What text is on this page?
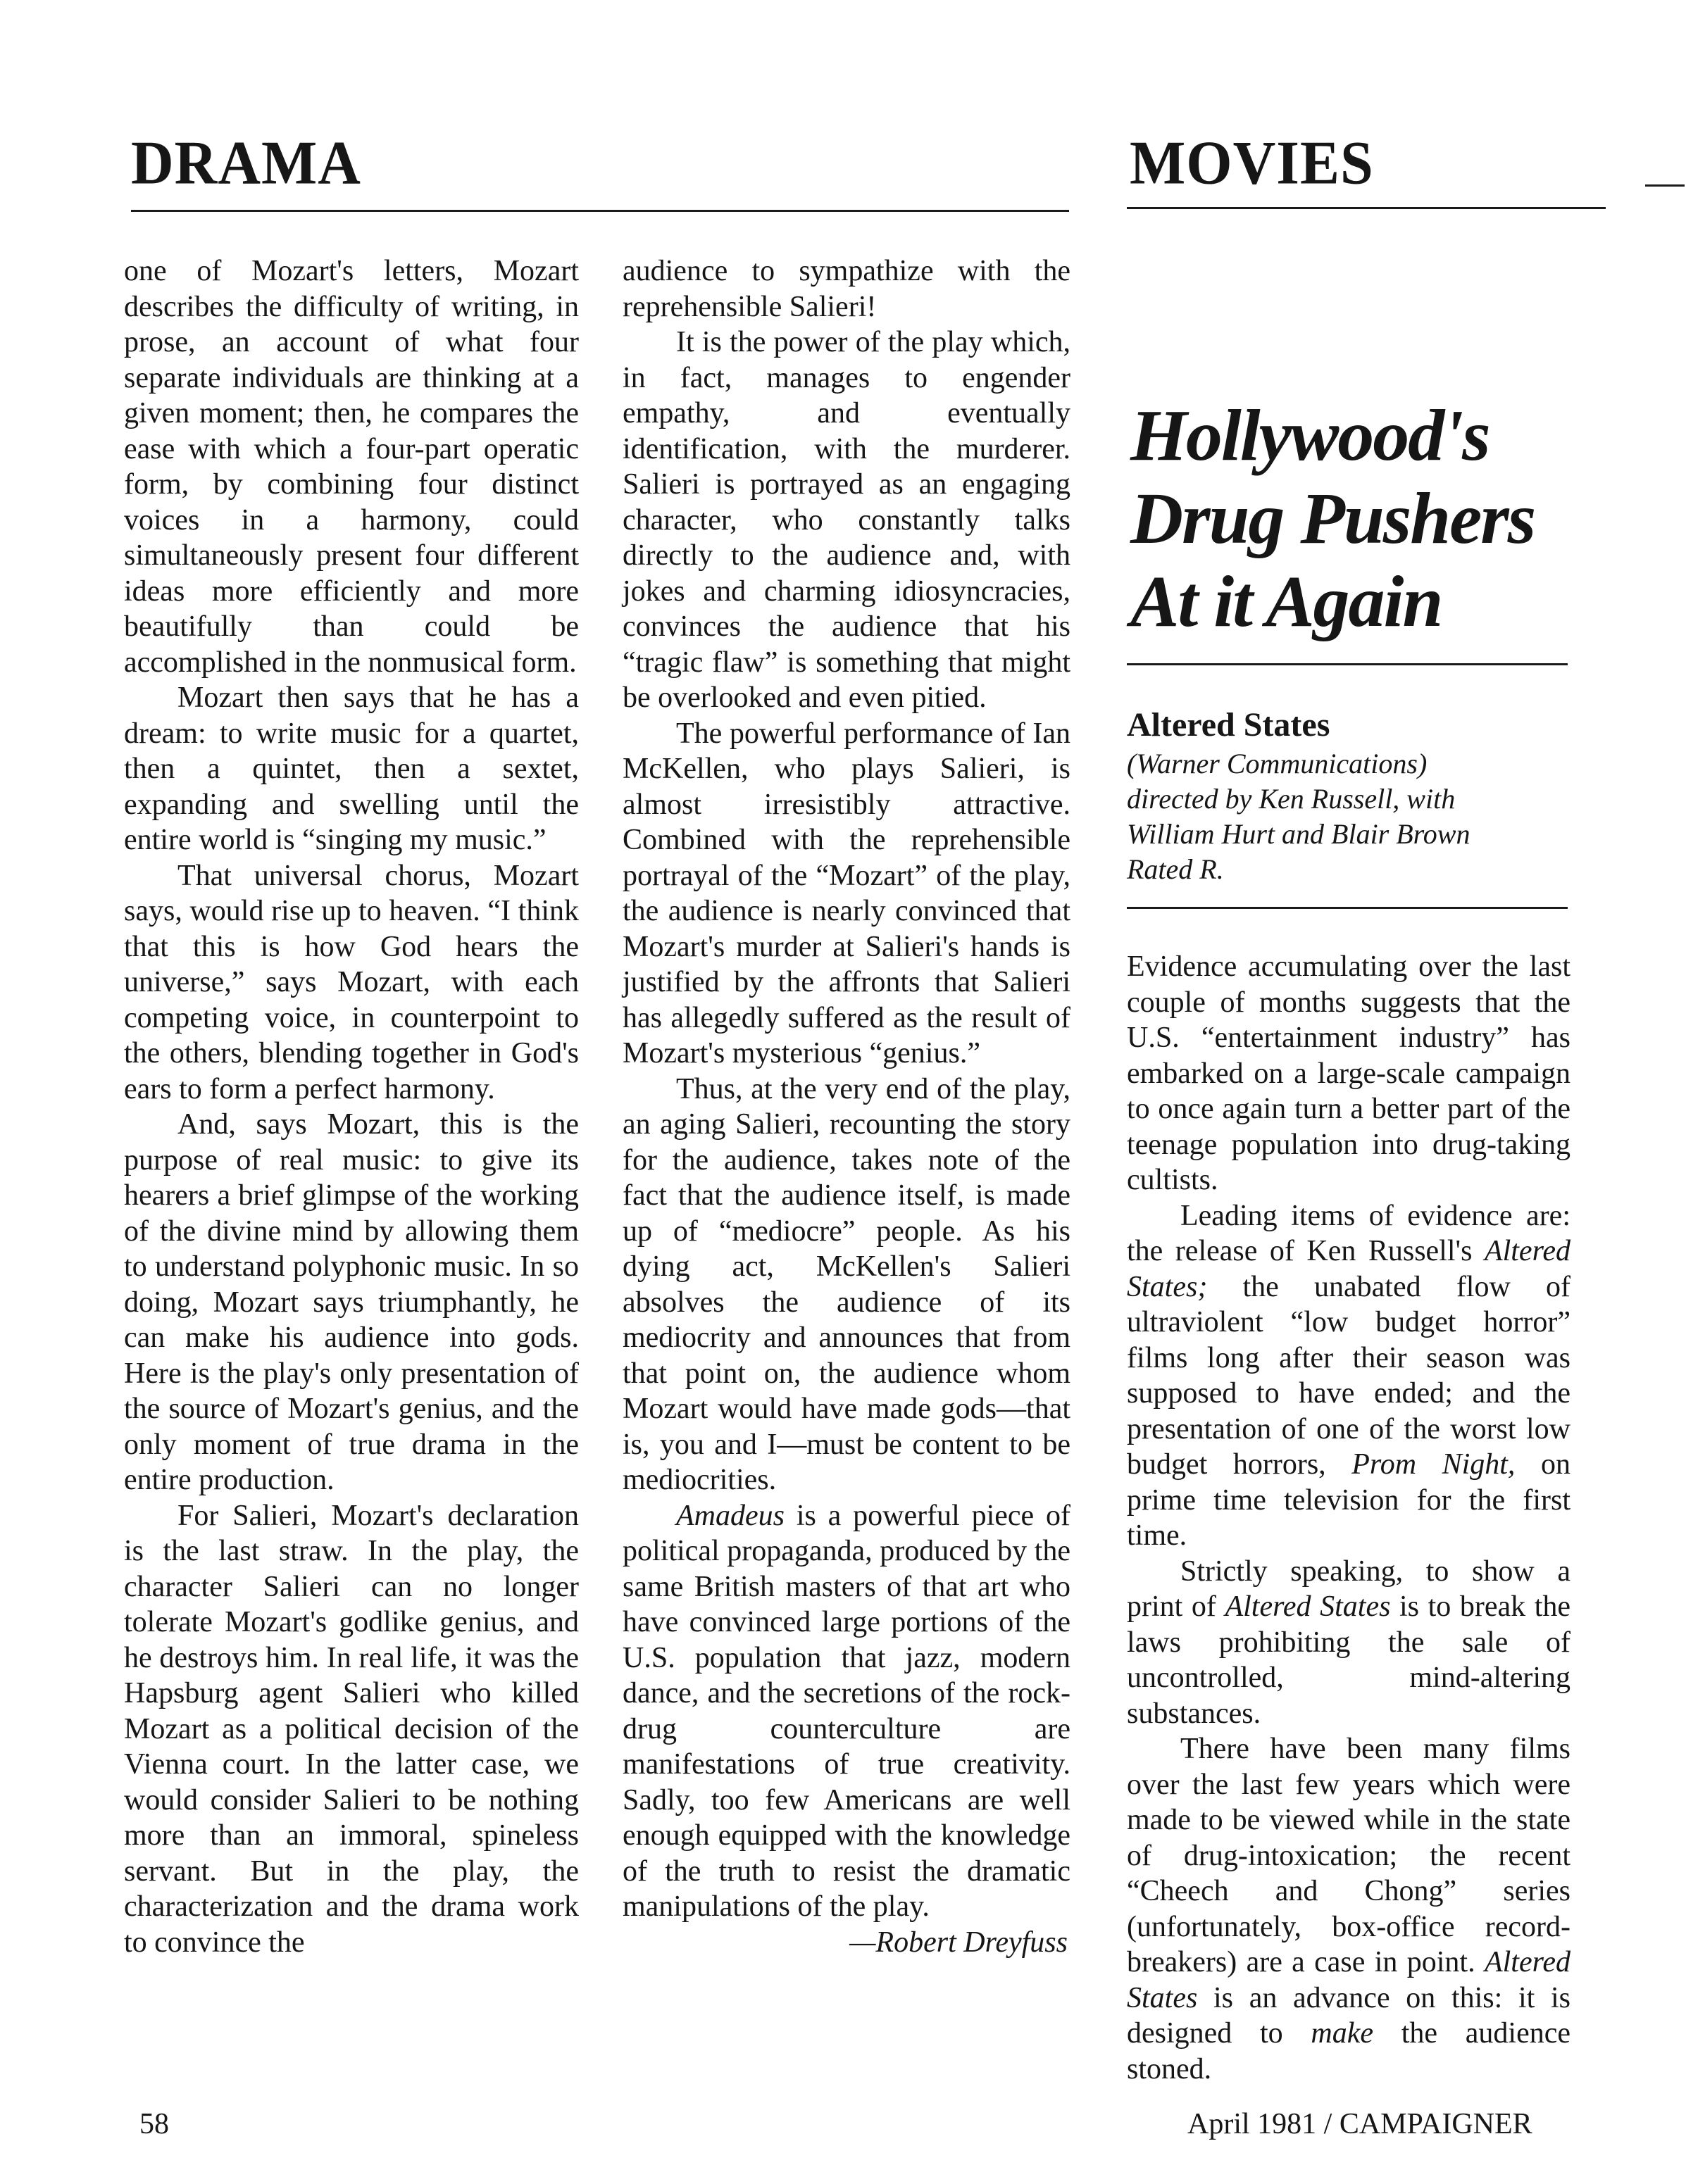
DRAMA	MOVIES

one of Mozart's letters, Mozart describes the difficulty of writing, in prose, an account of what four separate individuals are thinking at a given moment; then, he compares the ease with which a four-part operatic form, by combining four distinct voices in a harmony, could simultaneously present four different ideas more efficiently and more beautifully than could be accomplished in the nonmusical form.

Mozart then says that he has a dream: to write music for a quartet, then a quintet, then a sextet, expanding and swelling until the entire world is “singing my music.”

That universal chorus, Mozart says, would rise up to heaven. “I think that this is how God hears the universe,” says Mozart, with each competing voice, in counterpoint to the others, blending together in God's ears to form a perfect harmony.

And, says Mozart, this is the purpose of real music: to give its hearers a brief glimpse of the working of the divine mind by allowing them to understand polyphonic music. In so doing, Mozart says triumphantly, he can make his audience into gods. Here is the play's only presentation of the source of Mozart's genius, and the only moment of true drama in the entire production.

For Salieri, Mozart's declaration is the last straw. In the play, the character Salieri can no longer tolerate Mozart's godlike genius, and he destroys him. In real life, it was the Hapsburg agent Salieri who killed Mozart as a political decision of the Vienna court. In the latter case, we would consider Salieri to be nothing more than an immoral, spineless servant. But in the play, the characterization and the drama work to convince the

audience to sympathize with the reprehensible Salieri!

It is the power of the play which, in fact, manages to engender empathy, and eventually identification, with the murderer. Salieri is portrayed as an engaging character, who constantly talks directly to the audience and, with jokes and charming idiosyncracies, convinces the audience that his “tragic flaw” is something that might be overlooked and even pitied.

The powerful performance of Ian McKellen, who plays Salieri, is almost irresistibly attractive. Combined with the reprehensible portrayal of the “Mozart” of the play, the audience is nearly convinced that Mozart's murder at Salieri's hands is justified by the affronts that Salieri has allegedly suffered as the result of Mozart's mysterious “genius.”

Thus, at the very end of the play, an aging Salieri, recounting the story for the audience, takes note of the fact that the audience itself, is made up of “mediocre” people. As his dying act, McKellen's Salieri absolves the audience of its mediocrity and announces that from that point on, the audience whom Mozart would have made gods—that is, you and I—must be content to be mediocrities.

Amadeus is a powerful piece of political propaganda, produced by the same British masters of that art who have convinced large portions of the U.S. population that jazz, modern dance, and the secretions of the rock-drug counterculture are manifestations of true creativity. Sadly, too few Americans are well enough equipped with the knowledge of the truth to resist the dramatic manipulations of the play.

—Robert Dreyfuss

Hollywood's
Drug Pushers
At it Again

Altered States

(Warner Communications)

directed by Ken Russell, with

William Hurt and Blair Brown

Rated R.

Evidence accumulating over the last couple of months suggests that the U.S. “entertainment industry” has embarked on a large-scale campaign to once again turn a better part of the teenage population into drug-taking cultists.

Leading items of evidence are: the release of Ken Russell's Altered States; the unabated flow of ultraviolent “low budget horror” films long after their season was supposed to have ended; and the presentation of one of the worst low budget horrors, Prom Night, on prime time television for the first time.

Strictly speaking, to show a print of Altered States is to break the laws prohibiting the sale of uncontrolled, mind-altering substances.

There have been many films over the last few years which were made to be viewed while in the state of drug-intoxication; the recent “Cheech and Chong” series (unfortunately, box-office record-breakers) are a case in point. Altered States is an advance on this: it is designed to make the audience stoned.

58	April 1981 / CAMPAIGNER
